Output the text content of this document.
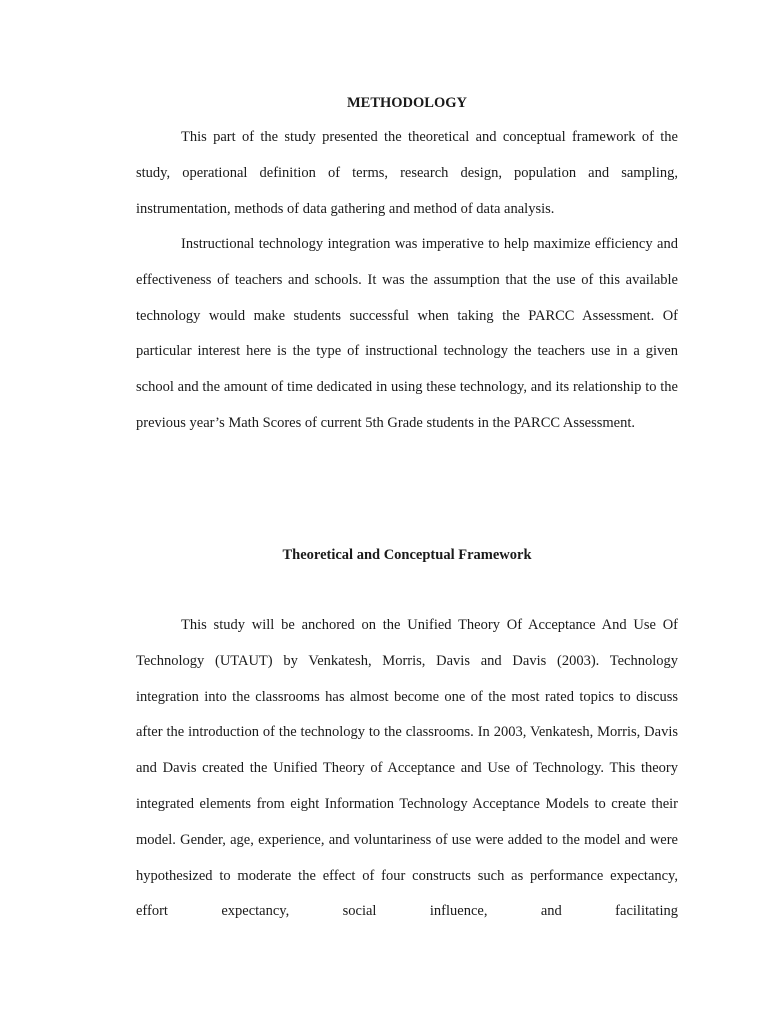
METHODOLOGY

This part of the study presented the theoretical and conceptual framework of the study, operational definition of terms, research design, population and sampling, instrumentation, methods of data gathering and method of data analysis.

Instructional technology integration was imperative to help maximize efficiency and effectiveness of teachers and schools. It was the assumption that the use of this available technology would make students successful when taking the PARCC Assessment. Of particular interest here is the type of instructional technology the teachers use in a given school and the amount of time dedicated in using these technology, and its relationship to the previous year’s Math Scores of current 5th Grade students in the PARCC Assessment.

Theoretical and Conceptual Framework

This study will be anchored on the Unified Theory Of Acceptance And Use Of Technology (UTAUT) by Venkatesh, Morris, Davis and Davis (2003). Technology integration into the classrooms has almost become one of the most rated topics to discuss after the introduction of the technology to the classrooms. In 2003, Venkatesh, Morris, Davis and Davis created the Unified Theory of Acceptance and Use of Technology. This theory integrated elements from eight Information Technology Acceptance Models to create their model. Gender, age, experience, and voluntariness of use were added to the model and were hypothesized to moderate the effect of four constructs such as performance expectancy, effort expectancy, social influence, and facilitating
